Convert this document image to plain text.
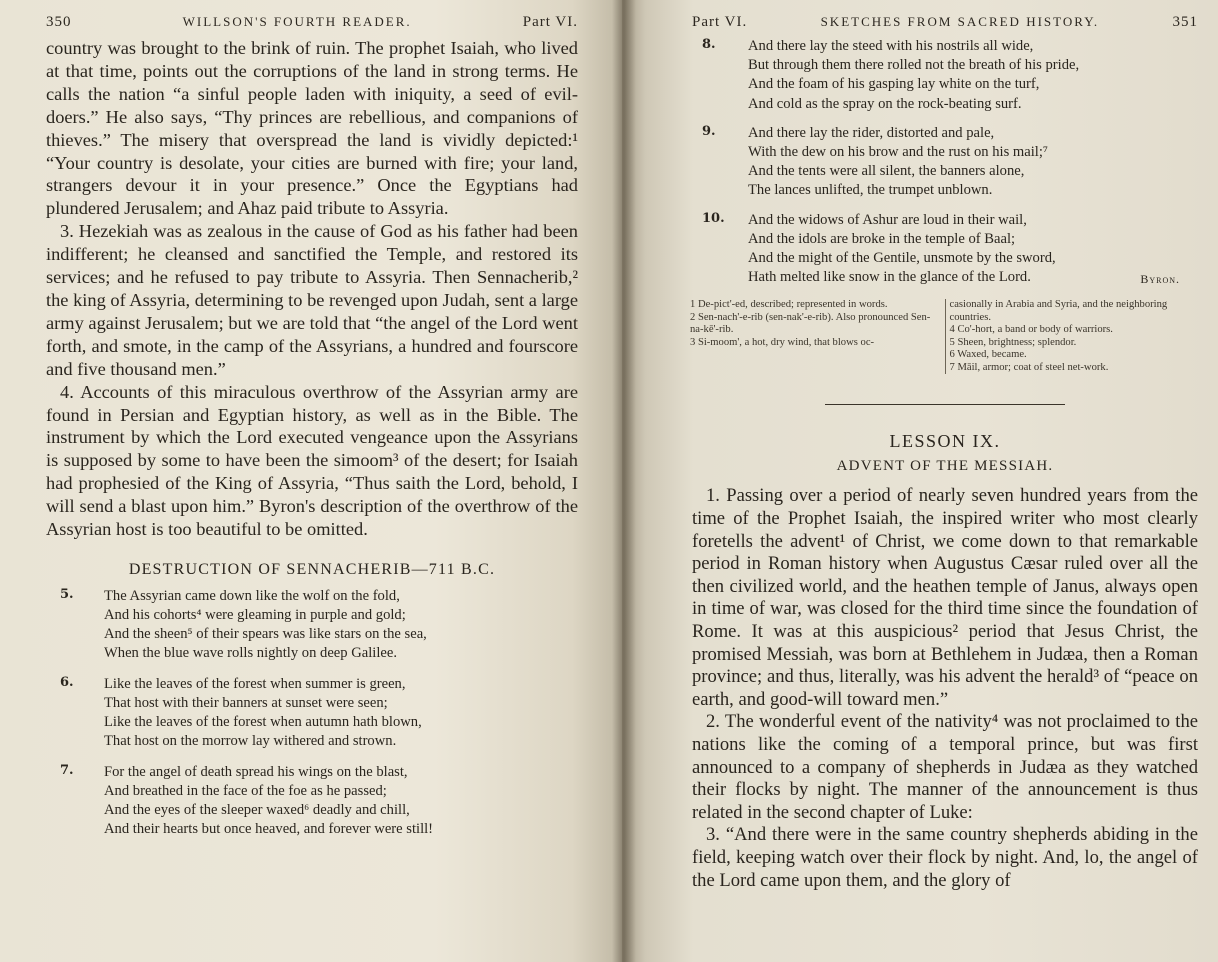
350	WILLSON'S FOURTH READER.	Part VI.

country was brought to the brink of ruin. The prophet Isaiah, who lived at that time, points out the corruptions of the land in strong terms. He calls the nation “a sinful people laden with iniquity, a seed of evil-doers.” He also says, “Thy princes are rebellious, and companions of thieves.” The misery that overspread the land is vividly depicted:¹ “Your country is desolate, your cities are burned with fire; your land, strangers devour it in your presence.” Once the Egyptians had plundered Jerusalem; and Ahaz paid tribute to Assyria.

3. Hezekiah was as zealous in the cause of God as his father had been indifferent; he cleansed and sanctified the Temple, and restored its services; and he refused to pay tribute to Assyria. Then Sennacherib,² the king of Assyria, determining to be revenged upon Judah, sent a large army against Jerusalem; but we are told that “the angel of the Lord went forth, and smote, in the camp of the Assyrians, a hundred and fourscore and five thousand men.”

4. Accounts of this miraculous overthrow of the Assyrian army are found in Persian and Egyptian history, as well as in the Bible. The instrument by which the Lord executed vengeance upon the Assyrians is supposed by some to have been the simoom³ of the desert; for Isaiah had prophesied of the King of Assyria, “Thus saith the Lord, behold, I will send a blast upon him.” Byron's description of the overthrow of the Assyrian host is too beautiful to be omitted.

DESTRUCTION OF SENNACHERIB—711 B.C.
5. The Assyrian came down like the wolf on the fold,
And his cohorts⁴ were gleaming in purple and gold;
And the sheen⁵ of their spears was like stars on the sea,
When the blue wave rolls nightly on deep Galilee.
6. Like the leaves of the forest when summer is green,
That host with their banners at sunset were seen;
Like the leaves of the forest when autumn hath blown,
That host on the morrow lay withered and strown.
7. For the angel of death spread his wings on the blast,
And breathed in the face of the foe as he passed;
And the eyes of the sleeper waxed⁶ deadly and chill,
And their hearts but once heaved, and forever were still!
Part VI.	SKETCHES FROM SACRED HISTORY.	351
8. And there lay the steed with his nostrils all wide,
But through them there rolled not the breath of his pride,
And the foam of his gasping lay white on the turf,
And cold as the spray on the rock-beating surf.
9. And there lay the rider, distorted and pale,
With the dew on his brow and the rust on his mail;⁷
And the tents were all silent, the banners alone,
The lances unlifted, the trumpet unblown.
10. And the widows of Ashur are loud in their wail,
And the idols are broke in the temple of Baal;
And the might of the Gentile, unsmote by the sword,
Hath melted like snow in the glance of the Lord.	Byron.

1 De-pict'-ed, described; represented in words.

2 Sen-nach'-e-rib (sen-nak'-e-rib). Also pronounced Sen-na-kē'-rib.

3 Si-moom', a hot, dry wind, that blows oc-

casionally in Arabia and Syria, and the neighboring countries.

4 Co'-hort, a band or body of warriors.

5 Sheen, brightness; splendor.

6 Waxed, became.

7 Māil, armor; coat of steel net-work.

LESSON IX.
ADVENT OF THE MESSIAH.

1. Passing over a period of nearly seven hundred years from the time of the Prophet Isaiah, the inspired writer who most clearly foretells the advent¹ of Christ, we come down to that remarkable period in Roman history when Augustus Cæsar ruled over all the then civilized world, and the heathen temple of Janus, always open in time of war, was closed for the third time since the foundation of Rome. It was at this auspicious² period that Jesus Christ, the promised Messiah, was born at Bethlehem in Judæa, then a Roman province; and thus, literally, was his advent the herald³ of “peace on earth, and good-will toward men.”

2. The wonderful event of the nativity⁴ was not proclaimed to the nations like the coming of a temporal prince, but was first announced to a company of shepherds in Judæa as they watched their flocks by night. The manner of the announcement is thus related in the second chapter of Luke:

3. “And there were in the same country shepherds abiding in the field, keeping watch over their flock by night. And, lo, the angel of the Lord came upon them, and the glory of
